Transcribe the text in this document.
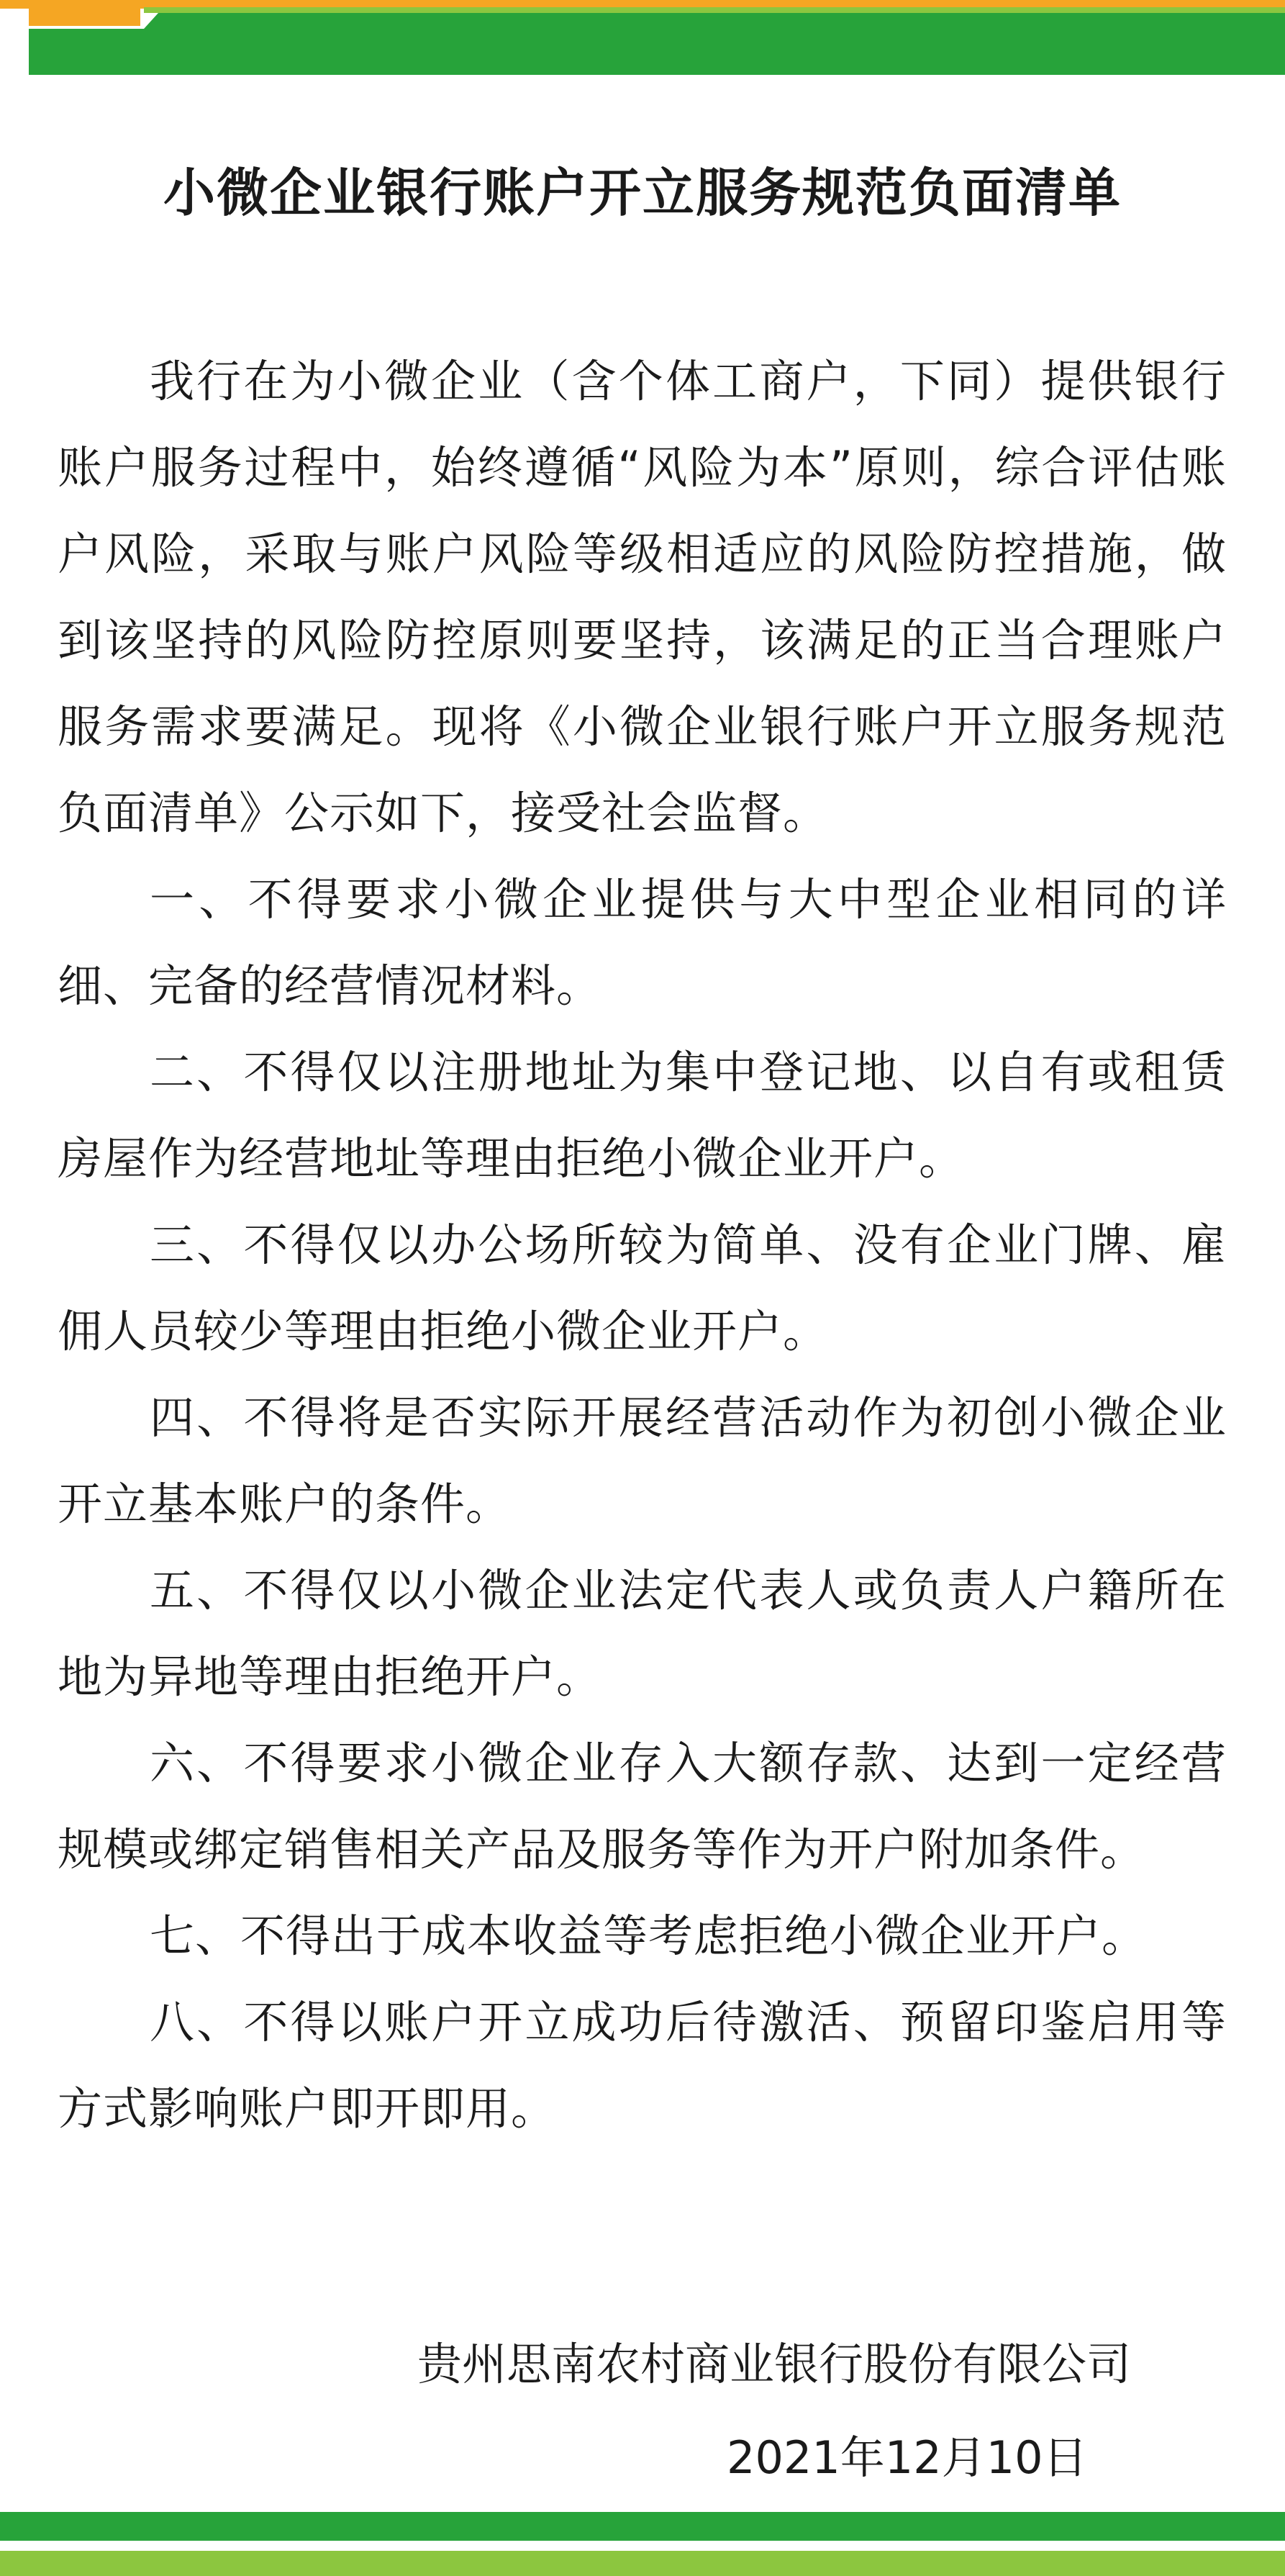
小微企业银行账户开立服务规范负面清单

我行在为小微企业（含个体工商户，下同）提供银行账户服务过程中，始终遵循“风险为本”原则，综合评估账户风险，采取与账户风险等级相适应的风险防控措施，做到该坚持的风险防控原则要坚持，该满足的正当合理账户服务需求要满足。现将《小微企业银行账户开立服务规范负面清单》公示如下，接受社会监督。

一、不得要求小微企业提供与大中型企业相同的详细、完备的经营情况材料。

二、不得仅以注册地址为集中登记地、以自有或租赁房屋作为经营地址等理由拒绝小微企业开户。

三、不得仅以办公场所较为简单、没有企业门牌、雇佣人员较少等理由拒绝小微企业开户。

四、不得将是否实际开展经营活动作为初创小微企业开立基本账户的条件。

五、不得仅以小微企业法定代表人或负责人户籍所在地为异地等理由拒绝开户。

六、不得要求小微企业存入大额存款、达到一定经营规模或绑定销售相关产品及服务等作为开户附加条件。

七、不得出于成本收益等考虑拒绝小微企业开户。

八、不得以账户开立成功后待激活、预留印鉴启用等方式影响账户即开即用。

贵州思南农村商业银行股份有限公司

2021年12月10日
